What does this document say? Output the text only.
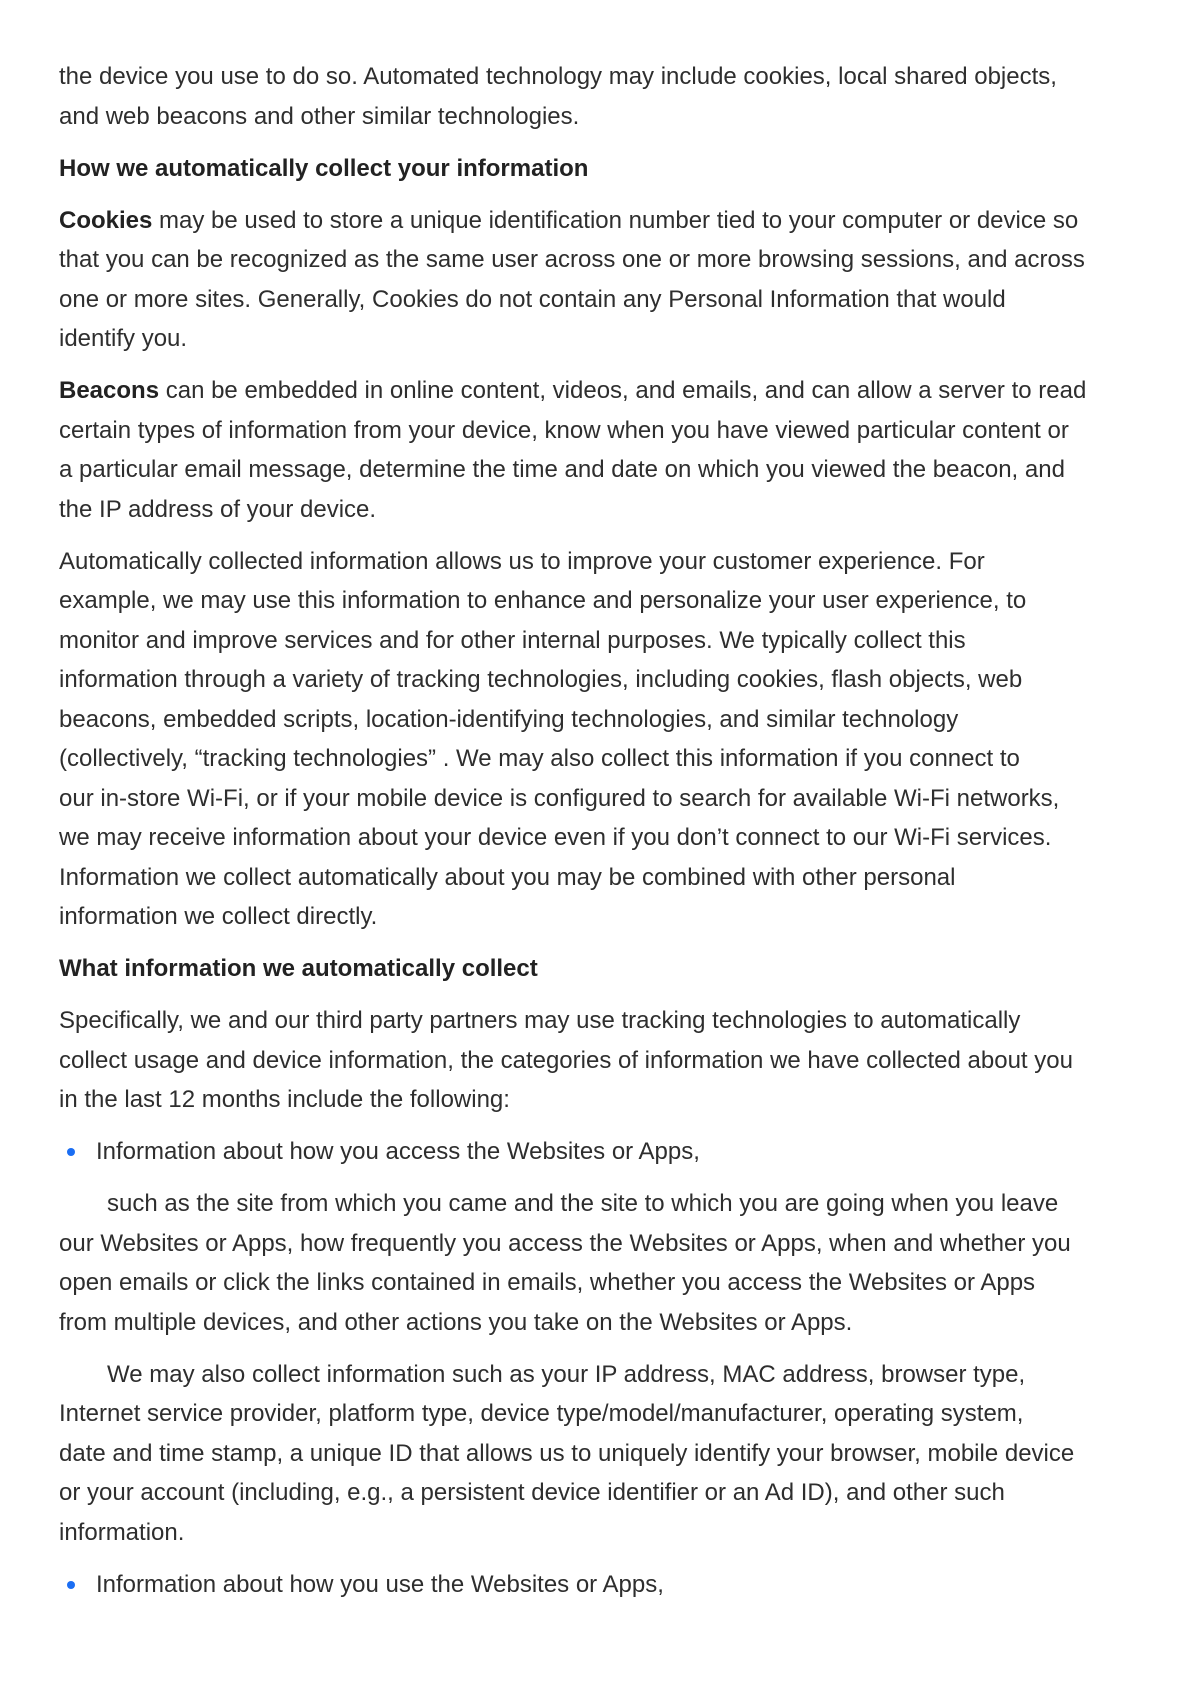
the device you use to do so. Automated technology may include cookies, local shared objects,
and web beacons and other similar technologies.
How we automatically collect your information
Cookies may be used to store a unique identification number tied to your computer or device so
that you can be recognized as the same user across one or more browsing sessions, and across
one or more sites. Generally, Cookies do not contain any Personal Information that would
identify you.
Beacons can be embedded in online content, videos, and emails, and can allow a server to read
certain types of information from your device, know when you have viewed particular content or
a particular email message, determine the time and date on which you viewed the beacon, and
the IP address of your device.
Automatically collected information allows us to improve your customer experience. For
example, we may use this information to enhance and personalize your user experience, to
monitor and improve services and for other internal purposes. We typically collect this
information through a variety of tracking technologies, including cookies, flash objects, web
beacons, embedded scripts, location-identifying technologies, and similar technology
(collectively, “tracking technologies” . We may also collect this information if you connect to
our in-store Wi-Fi, or if your mobile device is configured to search for available Wi-Fi networks,
we may receive information about your device even if you don’t connect to our Wi-Fi services.
Information we collect automatically about you may be combined with other personal
information we collect directly.
What information we automatically collect
Specifically, we and our third party partners may use tracking technologies to automatically
collect usage and device information, the categories of information we have collected about you
in the last 12 months include the following:
Information about how you access the Websites or Apps,
such as the site from which you came and the site to which you are going when you leave
our Websites or Apps, how frequently you access the Websites or Apps, when and whether you
open emails or click the links contained in emails, whether you access the Websites or Apps
from multiple devices, and other actions you take on the Websites or Apps.
We may also collect information such as your IP address, MAC address, browser type,
Internet service provider, platform type, device type/model/manufacturer, operating system,
date and time stamp, a unique ID that allows us to uniquely identify your browser, mobile device
or your account (including, e.g., a persistent device identifier or an Ad ID), and other such
information.
Information about how you use the Websites or Apps,
